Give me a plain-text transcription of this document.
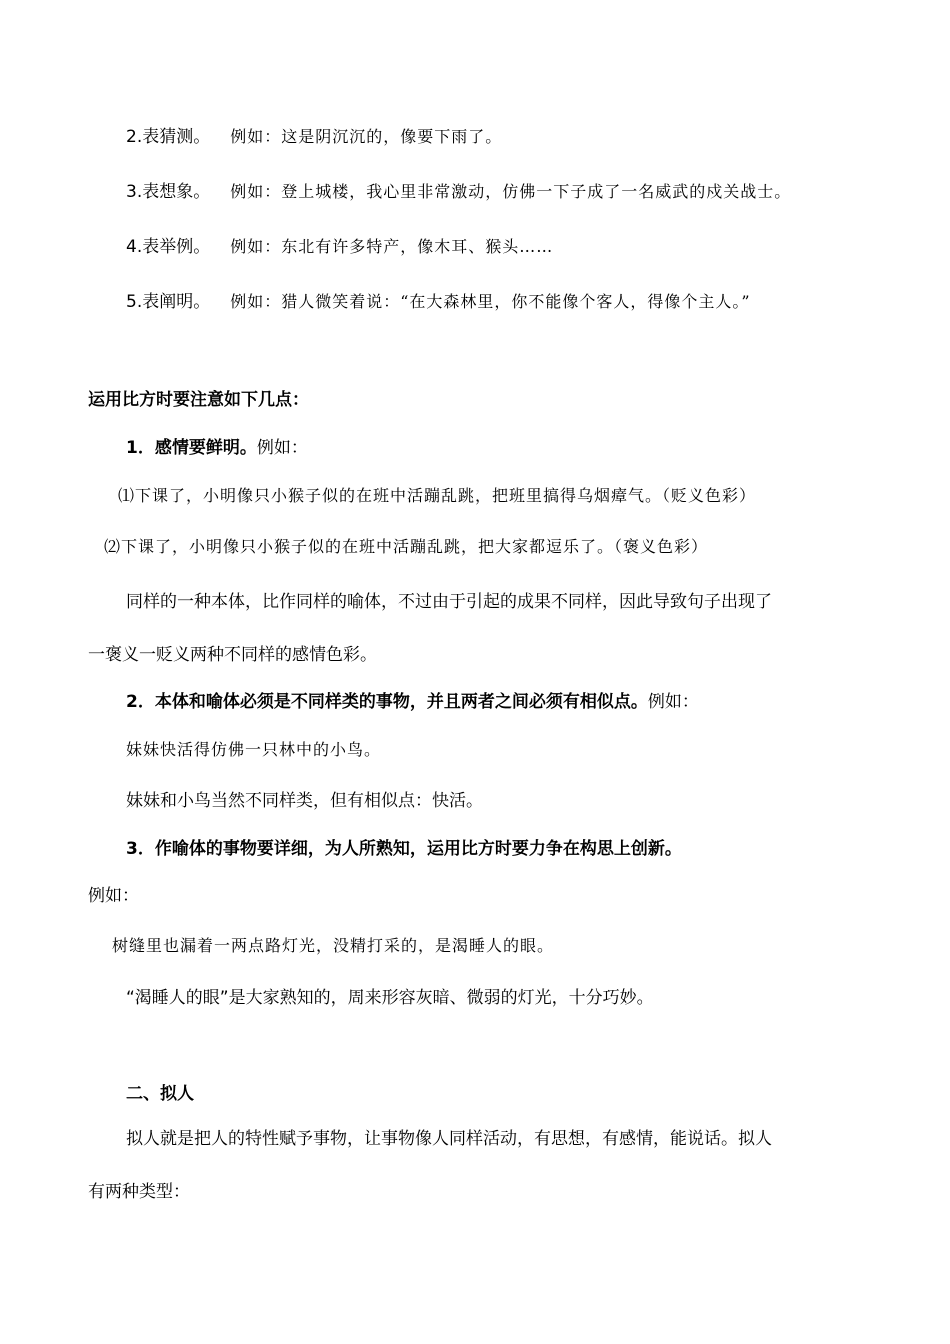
2.表猜测。 例如：这是阴沉沉的，像要下雨了。
3.表想象。 例如：登上城楼，我心里非常激动，仿佛一下子成了一名威武的戍关战士。
4.表举例。 例如：东北有许多特产，像木耳、猴头……
5.表阐明。 例如：猎人微笑着说：“在大森林里，你不能像个客人，得像个主人。”
运用比方时要注意如下几点：
1．感情要鲜明。例如：
⑴下课了，小明像只小猴子似的在班中活蹦乱跳，把班里搞得乌烟瘴气。（贬义色彩）
⑵下课了，小明像只小猴子似的在班中活蹦乱跳，把大家都逗乐了。（褒义色彩）
同样的一种本体，比作同样的喻体，不过由于引起的成果不同样，因此导致句子出现了
一褒义一贬义两种不同样的感情色彩。
2．本体和喻体必须是不同样类的事物，并且两者之间必须有相似点。例如：
妹妹快活得仿佛一只林中的小鸟。
妹妹和小鸟当然不同样类，但有相似点：快活。
3．作喻体的事物要详细，为人所熟知，运用比方时要力争在构思上创新。
例如：
树缝里也漏着一两点路灯光，没精打采的，是渴睡人的眼。
“渴睡人的眼”是大家熟知的，周来形容灰暗、微弱的灯光，十分巧妙。
二、拟人
拟人就是把人的特性赋予事物，让事物像人同样活动，有思想，有感情，能说话。拟人
有两种类型：
